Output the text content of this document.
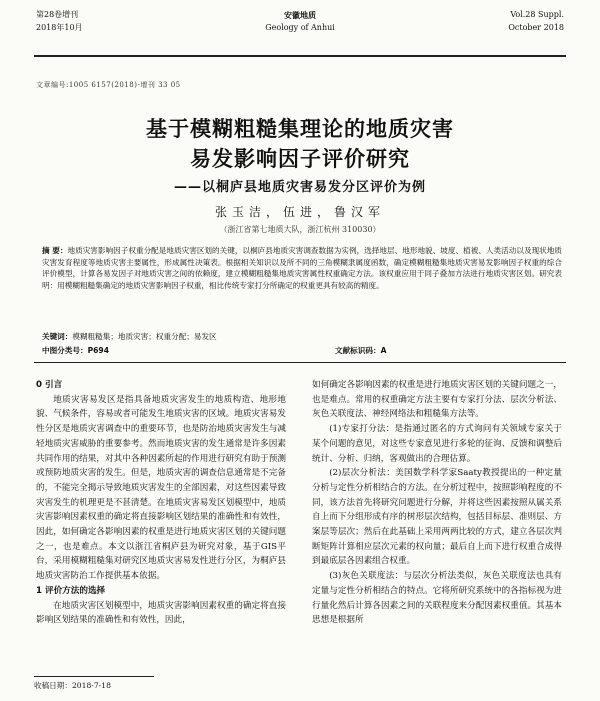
第28卷增刊
2018年10月
安徽地质
Geology of Anhui
Vol.28 Suppl.
October 2018
文章编号:1005 6157(2018)-增刊 33 05
基于模糊粗糙集理论的地质灾害
易发影响因子评价研究
——以桐庐县地质灾害易发分区评价为例
张玉洁，伍进，鲁汉军
（浙江省第七地质大队，浙江杭州 310030）
摘 要：地质灾害影响因子权重分配是地质灾害区划的关键，以桐庐县地质灾害调查数据为实例，选择地层、地形地貌、坡度、植被、人类活动以及现状地质灾害发育程度等地质灾害主要属性，形成属性决策表。根据相关知识以及所不同的三角模糊隶属度函数，确定模糊粗糙集地质灾害易发影响因子权重的综合评价模型，计算各易发因子对地质灾害之间的依赖度，建立模糊粗糙集地质灾害属性权重确定方法。该权重应用于同子叠加方法进行地质灾害区划。研究表明：用模糊粗糙集确定的地质灾害影响因子权重，相比传统专家打分所确定的权重更具有较高的精度。
关键词：模糊粗糙集；地质灾害；权重分配；易发区
中图分类号：P694	文献标识码：A
0 引言

地质灾害易发区是指具备地质灾害发生的地质构造、地形地貌、气候条件，容易或者可能发生地质灾害的区域。地质灾害易发性分区是地质灾害调查中的重要环节，也是防治地质灾害发生与减轻地质灾害威胁的重要参考。然而地质灾害的发生通常是许多因素共同作用的结果，对其中各种因素所起的作用进行研究有助于预测或预防地质灾害的发生。但是，地质灾害的调查信息通常是不完备的，不能完全揭示导致地质灾害发生的全部因素，对这些因素导致灾害发生的机理更是不甚清楚。在地质灾害易发区划模型中，地质灾害影响因素权重的确定将直接影响区划结果的准确性和有效性，因此，如何确定各影响因素的权重是进行地质灾害区划的关键问题之一，也是难点。本文以浙江省桐庐县为研究对象，基于GIS平台，采用模糊粗糙集对研究区地质灾害易发性进行分区，为桐庐县地质灾害防治工作提供基本依据。

1 评价方法的选择

在地质灾害区划模型中，地质灾害影响因素权重的确定将直接影响区划结果的准确性和有效性，因此，

如何确定各影响因素的权重是进行地质灾害区划的关键问题之一，也是难点。常用的权重确定方法主要有专家打分法、层次分析法、灰色关联度法、神经网络法和粗糙集方法等。

(1)专家打分法：是指通过匿名的方式询问有关领域专家关于某个问题的意见，对这些专家意见进行多轮的征询、反馈和调整后统计、分析、归纳，客观做出的合理估算。

(2)层次分析法：美国数学科学家Saaty教授提出的一种定量分析与定性分析相结合的方法。在分析过程中，按照影响程度的不同，该方法首先将研究问题进行分解，并将这些因素按照从属关系自上而下分组形成有序的树形层次结构，包括目标层、准则层、方案层等层次；然后在此基础上采用两两比较的方式，建立各层次判断矩阵计算相应层次元素的权向量；最后自上而下进行权重合成得到最底层各因素组合权重。

(3)灰色关联度法：与层次分析法类似，灰色关联度法也具有定量与定性分析相结合的特点。它将所研究系统中的各指标视为进行量化然后计算各因素之间的关联程度来分配因素权重值。其基本思想是根据所

收稿日期：2018-7-18
